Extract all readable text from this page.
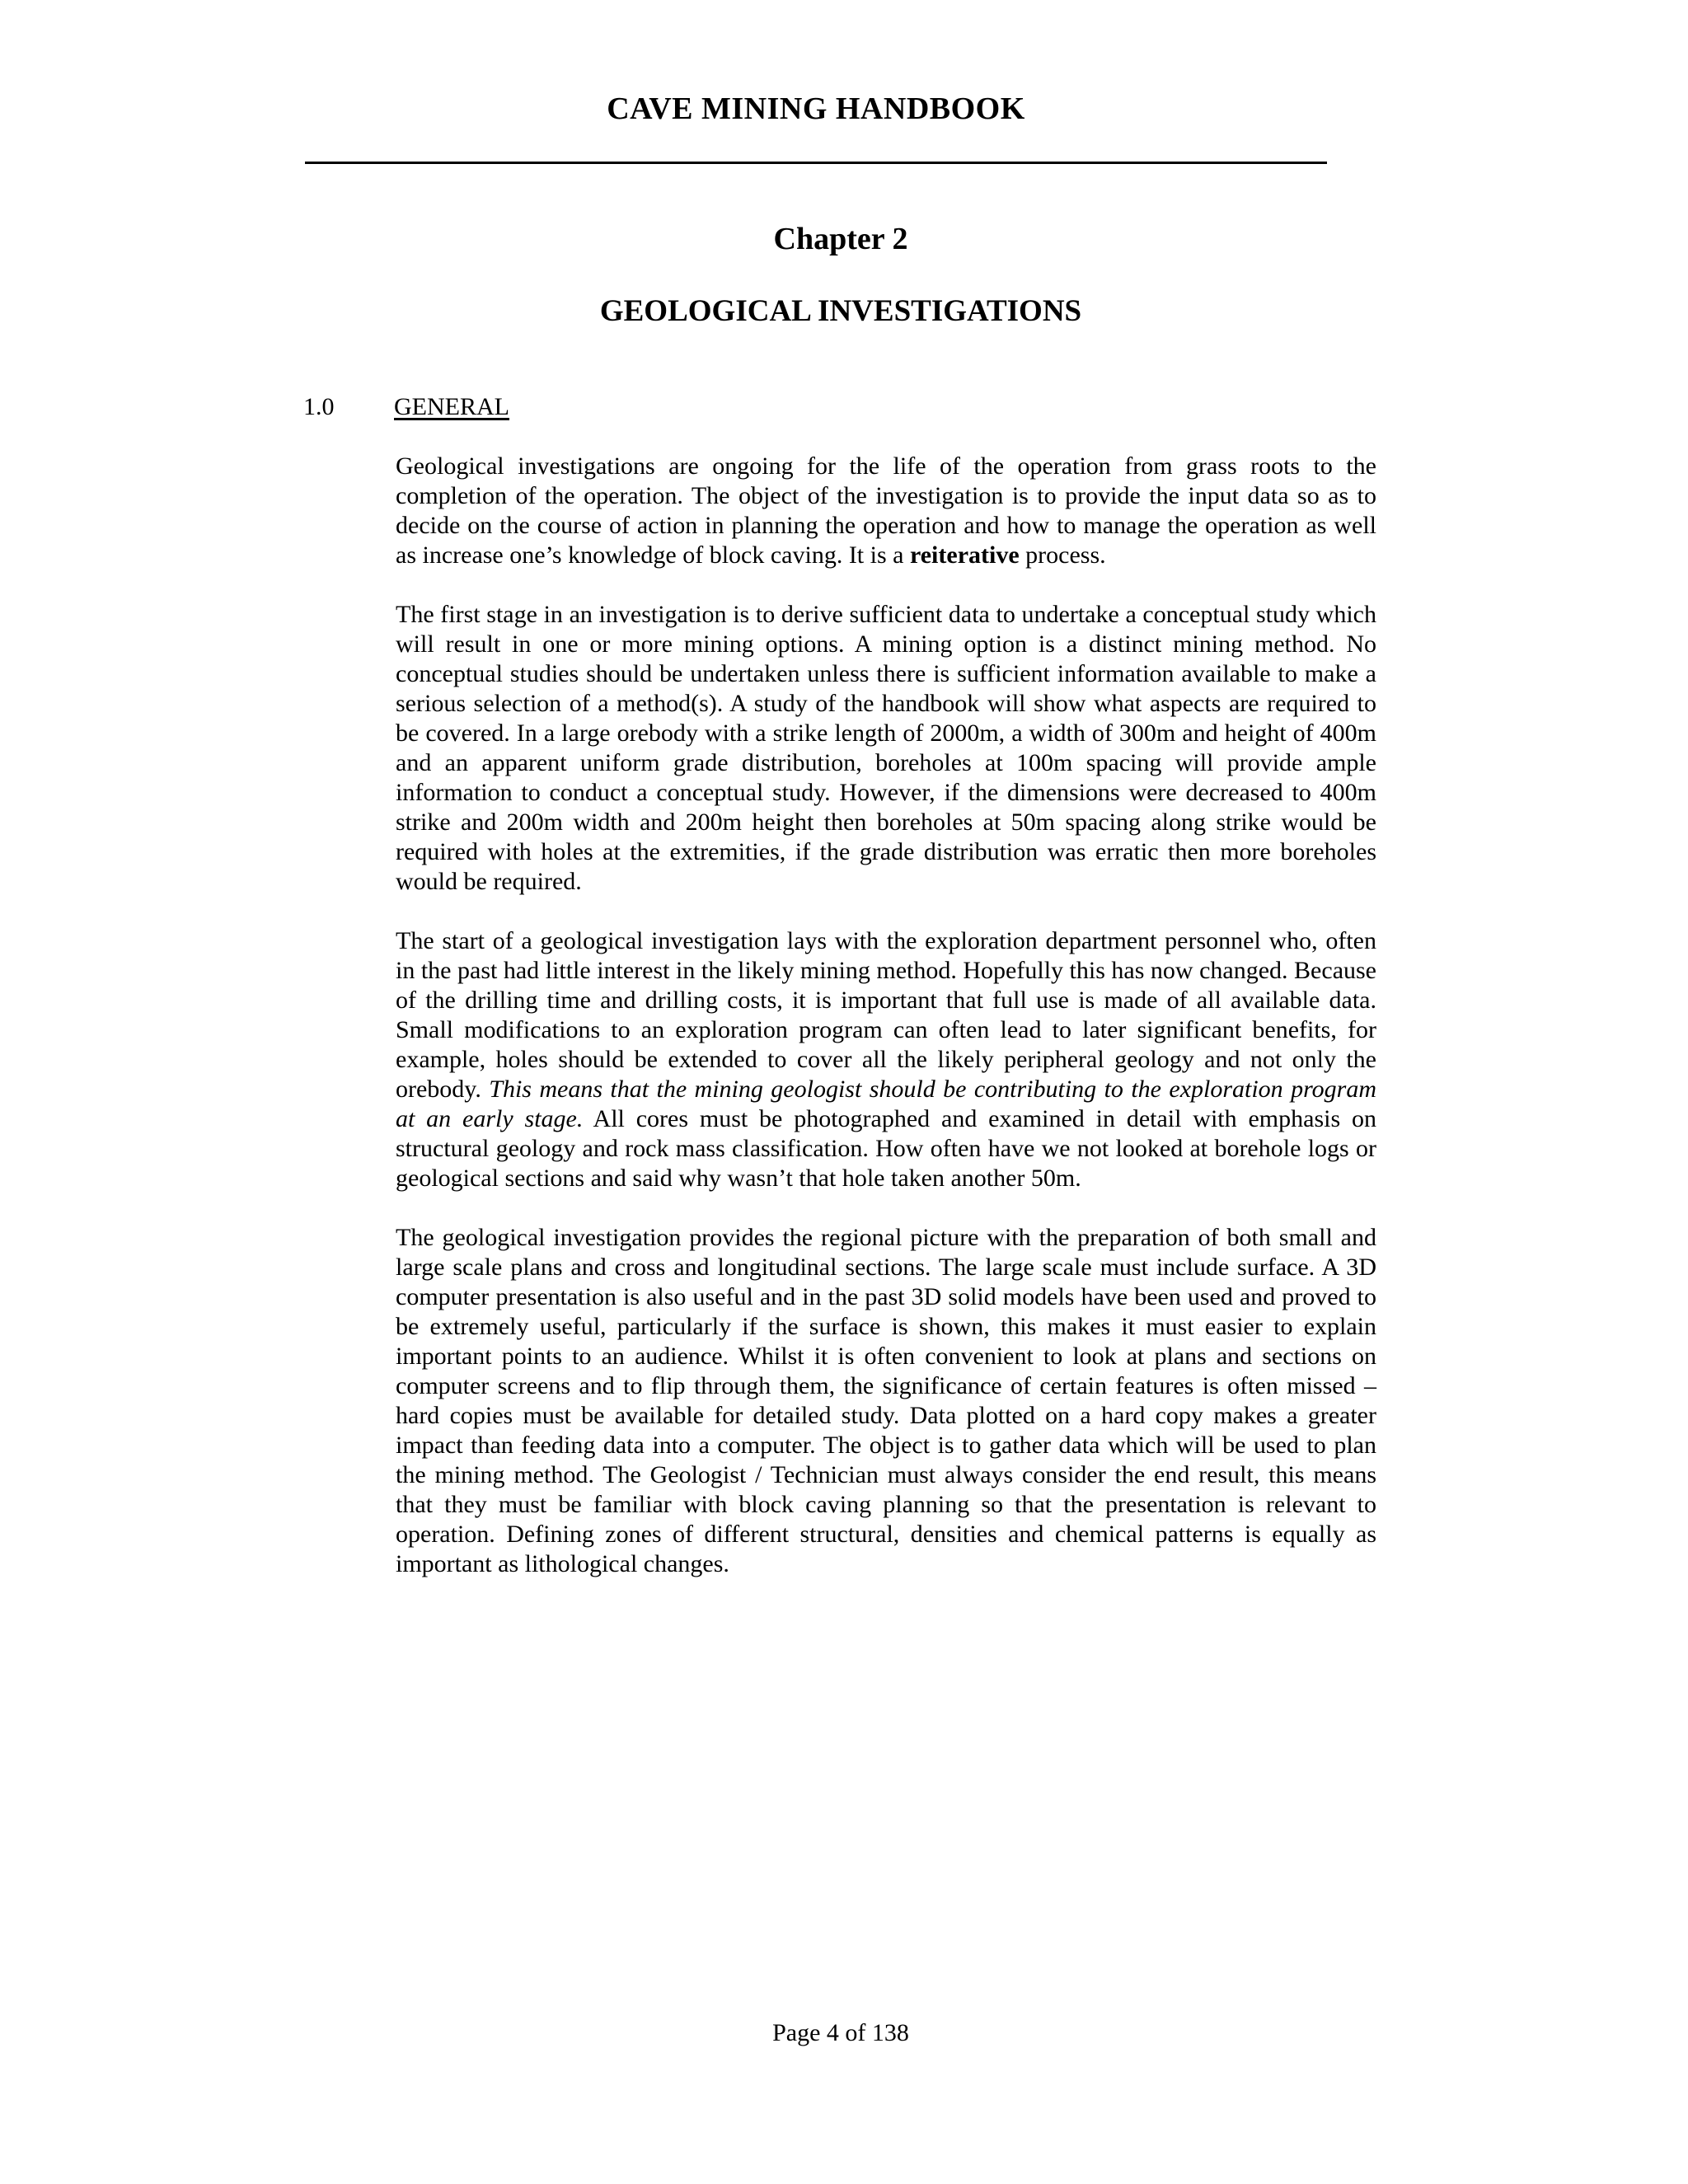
CAVE MINING HANDBOOK
Chapter 2
GEOLOGICAL INVESTIGATIONS
1.0 GENERAL

Geological investigations are ongoing for the life of the operation from grass roots to the completion of the operation. The object of the investigation is to provide the input data so as to decide on the course of action in planning the operation and how to manage the operation as well as increase one’s knowledge of block caving. It is a reiterative process.

The first stage in an investigation is to derive sufficient data to undertake a conceptual study which will result in one or more mining options. A mining option is a distinct mining method. No conceptual studies should be undertaken unless there is sufficient information available to make a serious selection of a method(s). A study of the handbook will show what aspects are required to be covered. In a large orebody with a strike length of 2000m, a width of 300m and height of 400m and an apparent uniform grade distribution, boreholes at 100m spacing will provide ample information to conduct a conceptual study. However, if the dimensions were decreased to 400m strike and 200m width and 200m height then boreholes at 50m spacing along strike would be required with holes at the extremities, if the grade distribution was erratic then more boreholes would be required.

The start of a geological investigation lays with the exploration department personnel who, often in the past had little interest in the likely mining method. Hopefully this has now changed. Because of the drilling time and drilling costs, it is important that full use is made of all available data. Small modifications to an exploration program can often lead to later significant benefits, for example, holes should be extended to cover all the likely peripheral geology and not only the orebody. This means that the mining geologist should be contributing to the exploration program at an early stage. All cores must be photographed and examined in detail with emphasis on structural geology and rock mass classification. How often have we not looked at borehole logs or geological sections and said why wasn’t that hole taken another 50m.

The geological investigation provides the regional picture with the preparation of both small and large scale plans and cross and longitudinal sections. The large scale must include surface. A 3D computer presentation is also useful and in the past 3D solid models have been used and proved to be extremely useful, particularly if the surface is shown, this makes it must easier to explain important points to an audience. Whilst it is often convenient to look at plans and sections on computer screens and to flip through them, the significance of certain features is often missed – hard copies must be available for detailed study. Data plotted on a hard copy makes a greater impact than feeding data into a computer. The object is to gather data which will be used to plan the mining method. The Geologist / Technician must always consider the end result, this means that they must be familiar with block caving planning so that the presentation is relevant to operation. Defining zones of different structural, densities and chemical patterns is equally as important as lithological changes.

Page 4 of 138
